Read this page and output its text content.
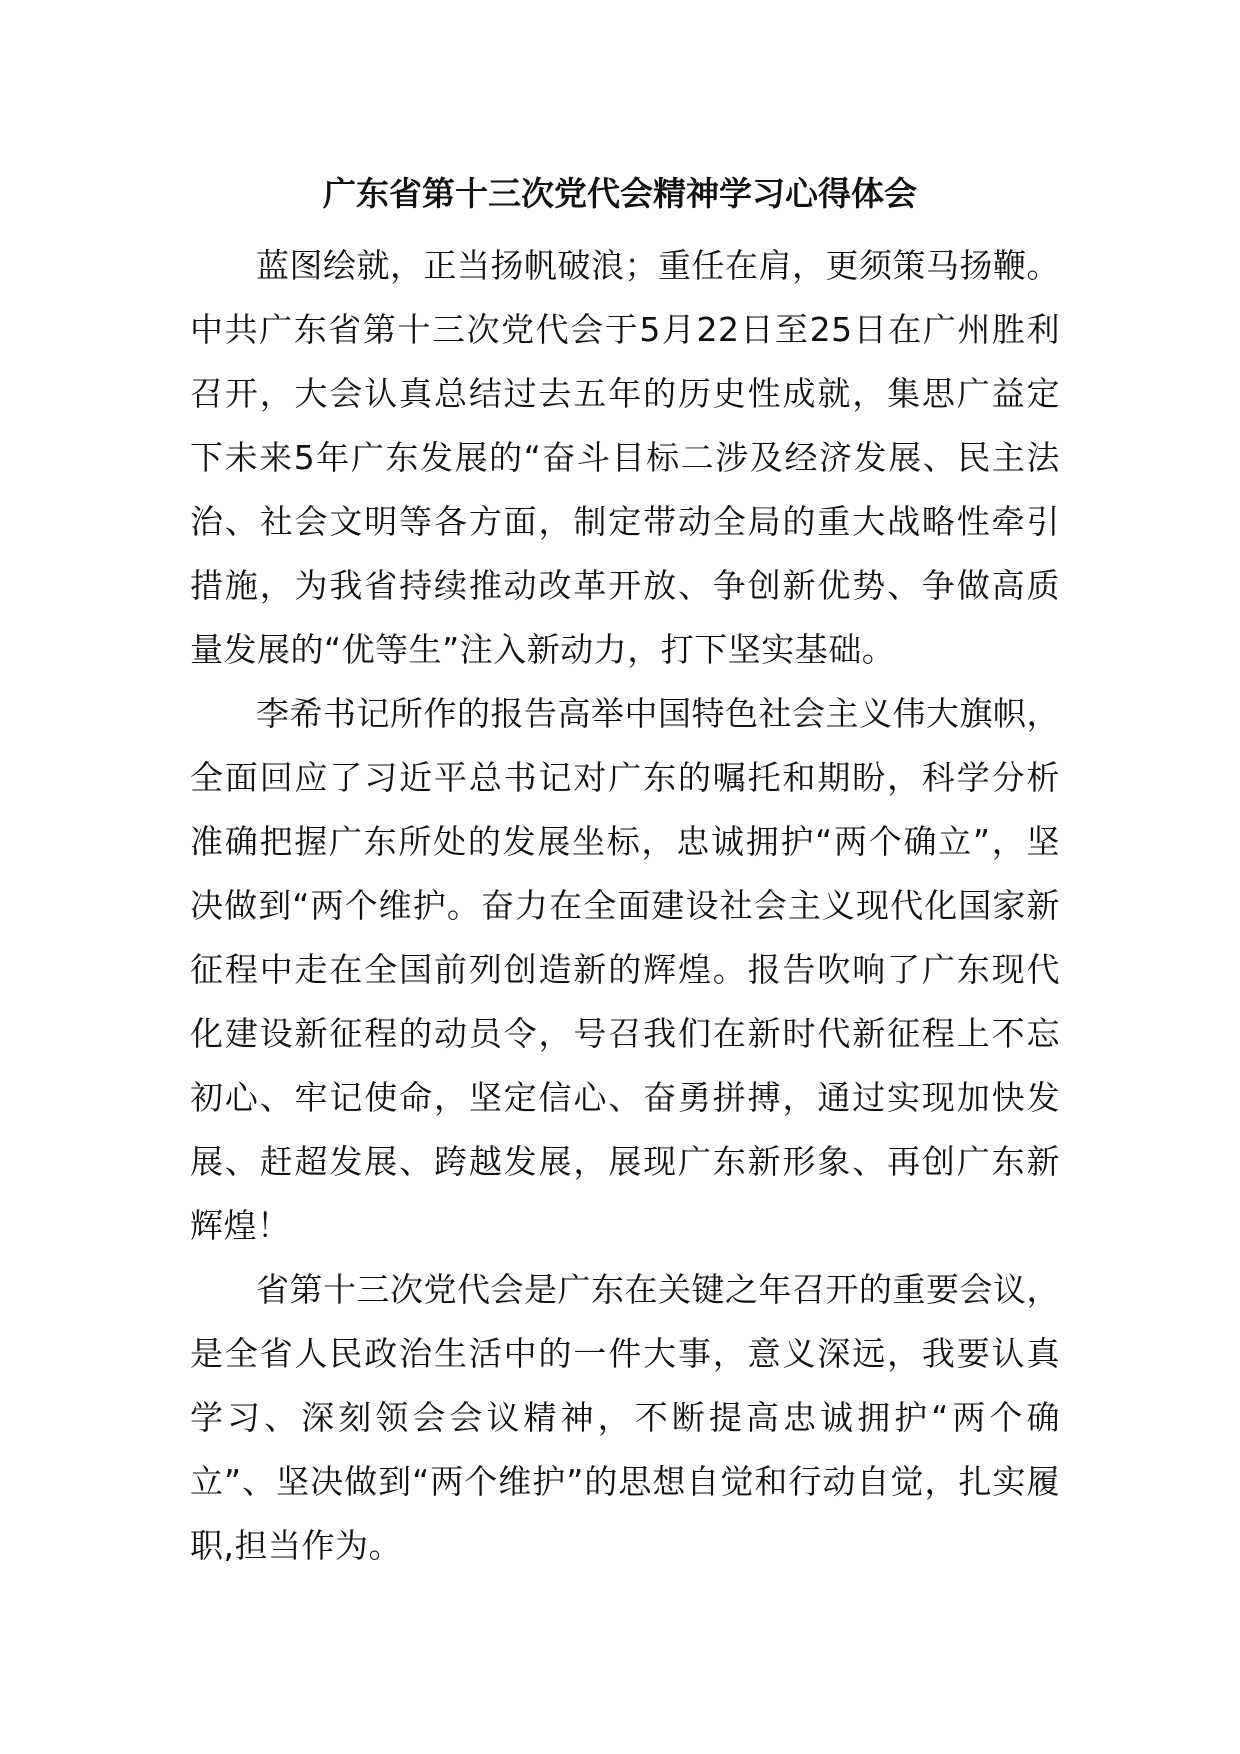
广东省第十三次党代会精神学习心得体会

蓝图绘就，正当扬帆破浪；重任在肩，更须策马扬鞭。中共广东省第十三次党代会于5月22日至25日在广州胜利召开，大会认真总结过去五年的历史性成就，集思广益定下未来5年广东发展的“奋斗目标二涉及经济发展、民主法治、社会文明等各方面，制定带动全局的重大战略性牵引措施，为我省持续推动改革开放、争创新优势、争做高质量发展的“优等生”注入新动力，打下坚实基础。

李希书记所作的报告高举中国特色社会主义伟大旗帜，全面回应了习近平总书记对广东的嘱托和期盼，科学分析准确把握广东所处的发展坐标，忠诚拥护“两个确立”，坚决做到“两个维护。奋力在全面建设社会主义现代化国家新征程中走在全国前列创造新的辉煌。报告吹响了广东现代化建设新征程的动员令，号召我们在新时代新征程上不忘初心、牢记使命，坚定信心、奋勇拼搏，通过实现加快发展、赶超发展、跨越发展，展现广东新形象、再创广东新辉煌！

省第十三次党代会是广东在关键之年召开的重要会议，是全省人民政治生活中的一件大事，意义深远，我要认真学习、深刻领会会议精神，不断提高忠诚拥护“两个确立”、坚决做到“两个维护”的思想自觉和行动自觉，扎实履职,担当作为。
